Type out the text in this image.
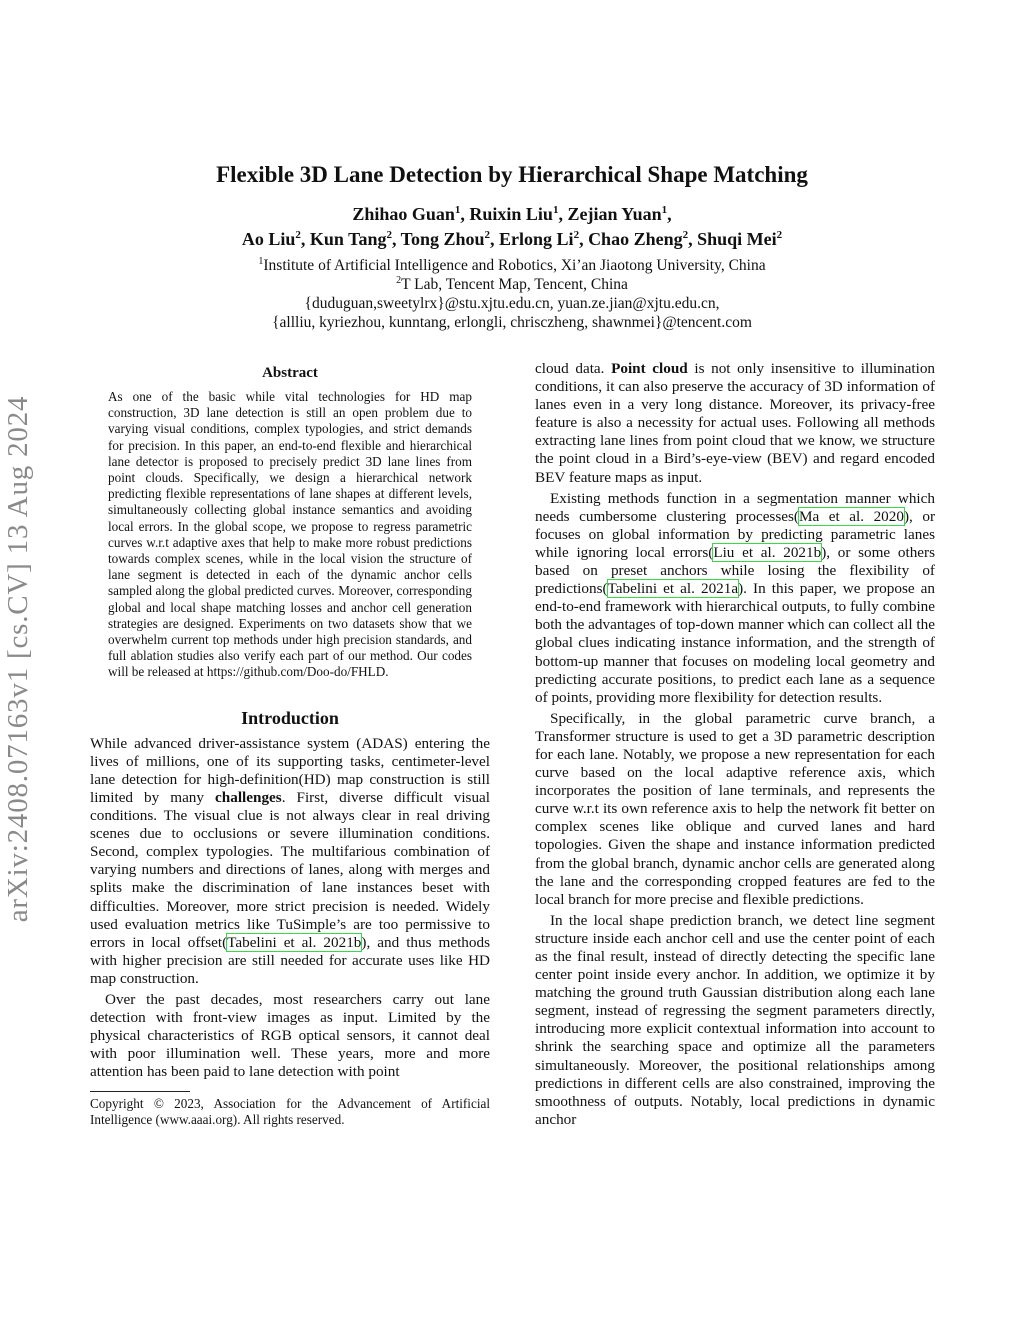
arXiv:2408.07163v1 [cs.CV] 13 Aug 2024
Flexible 3D Lane Detection by Hierarchical Shape Matching
Zhihao Guan$^1$, Ruixin Liu$^1$, Zejian Yuan$^1$,
Ao Liu$^2$, Kun Tang$^2$, Tong Zhou$^2$, Erlong Li$^2$, Chao Zheng$^2$, Shuqi Mei$^2$
$^1$Institute of Artificial Intelligence and Robotics, Xi’an Jiaotong University, China
$^2$T Lab, Tencent Map, Tencent, China
{duduguan,sweetylrx}@stu.xjtu.edu.cn, yuan.ze.jian@xjtu.edu.cn,
{allliu, kyriezhou, kunntang, erlongli, chrisczheng, shawnmei}@tencent.com
Abstract

As one of the basic while vital technologies for HD map construction, 3D lane detection is still an open problem due to varying visual conditions, complex typologies, and strict demands for precision. In this paper, an end-to-end flexible and hierarchical lane detector is proposed to precisely predict 3D lane lines from point clouds. Specifically, we design a hierarchical network predicting flexible representations of lane shapes at different levels, simultaneously collecting global instance semantics and avoiding local errors. In the global scope, we propose to regress parametric curves w.r.t adaptive axes that help to make more robust predictions towards complex scenes, while in the local vision the structure of lane segment is detected in each of the dynamic anchor cells sampled along the global predicted curves. Moreover, corresponding global and local shape matching losses and anchor cell generation strategies are designed. Experiments on two datasets show that we overwhelm current top methods under high precision standards, and full ablation studies also verify each part of our method. Our codes will be released at https://github.com/Doo-do/FHLD.

Introduction

While advanced driver-assistance system (ADAS) entering the lives of millions, one of its supporting tasks, centimeter-level lane detection for high-definition(HD) map construction is still limited by many challenges. First, diverse difficult visual conditions. The visual clue is not always clear in real driving scenes due to occlusions or severe illumination conditions. Second, complex typologies. The multifarious combination of varying numbers and directions of lanes, along with merges and splits make the discrimination of lane instances beset with difficulties. Moreover, more strict precision is needed. Widely used evaluation metrics like TuSimple’s are too permissive to errors in local offset(Tabelini et al. 2021b), and thus methods with higher precision are still needed for accurate uses like HD map construction.

Over the past decades, most researchers carry out lane detection with front-view images as input. Limited by the physical characteristics of RGB optical sensors, it cannot deal with poor illumination well. These years, more and more attention has been paid to lane detection with point

Copyright © 2023, Association for the Advancement of Artificial Intelligence (www.aaai.org). All rights reserved.

cloud data. Point cloud is not only insensitive to illumination conditions, it can also preserve the accuracy of 3D information of lanes even in a very long distance. Moreover, its privacy-free feature is also a necessity for actual uses. Following all methods extracting lane lines from point cloud that we know, we structure the point cloud in a Bird’s-eye-view (BEV) and regard encoded BEV feature maps as input.

Existing methods function in a segmentation manner which needs cumbersome clustering processes(Ma et al. 2020), or focuses on global information by predicting parametric lanes while ignoring local errors(Liu et al. 2021b), or some others based on preset anchors while losing the flexibility of predictions(Tabelini et al. 2021a). In this paper, we propose an end-to-end framework with hierarchical outputs, to fully combine both the advantages of top-down manner which can collect all the global clues indicating instance information, and the strength of bottom-up manner that focuses on modeling local geometry and predicting accurate positions, to predict each lane as a sequence of points, providing more flexibility for detection results.

Specifically, in the global parametric curve branch, a Transformer structure is used to get a 3D parametric description for each lane. Notably, we propose a new representation for each curve based on the local adaptive reference axis, which incorporates the position of lane terminals, and represents the curve w.r.t its own reference axis to help the network fit better on complex scenes like oblique and curved lanes and hard topologies. Given the shape and instance information predicted from the global branch, dynamic anchor cells are generated along the lane and the corresponding cropped features are fed to the local branch for more precise and flexible predictions.

In the local shape prediction branch, we detect line segment structure inside each anchor cell and use the center point of each as the final result, instead of directly detecting the specific lane center point inside every anchor. In addition, we optimize it by matching the ground truth Gaussian distribution along each lane segment, instead of regressing the segment parameters directly, introducing more explicit contextual information into account to shrink the searching space and optimize all the parameters simultaneously. Moreover, the positional relationships among predictions in different cells are also constrained, improving the smoothness of outputs. Notably, local predictions in dynamic anchor
